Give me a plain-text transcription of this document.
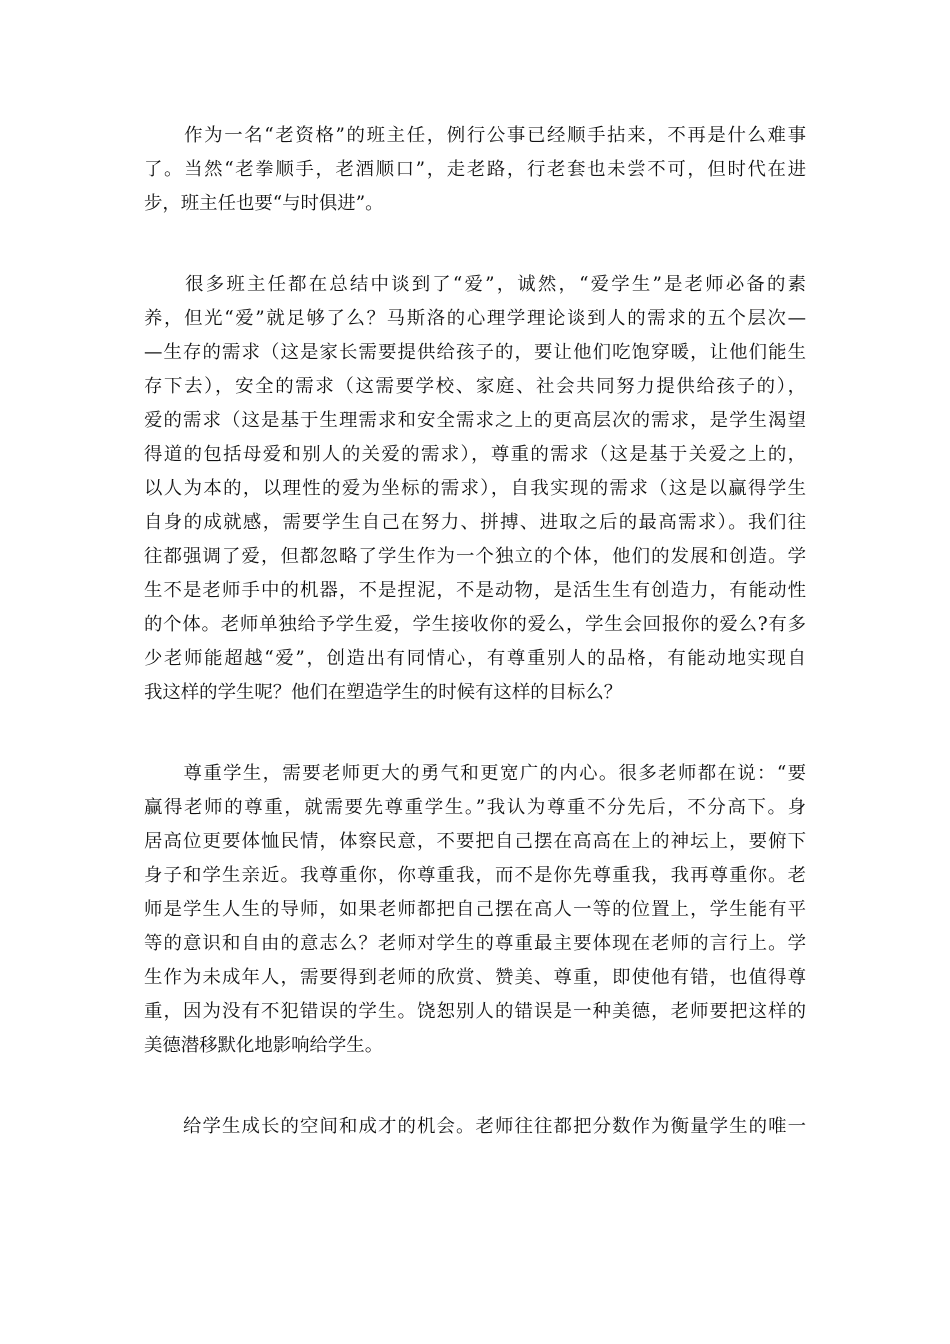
　　作为一名“老资格”的班主任，例行公事已经顺手拈来，不再是什么难事
了。当然“老拳顺手，老酒顺口”，走老路，行老套也未尝不可，但时代在进
步，班主任也要“与时俱进”。
　　很多班主任都在总结中谈到了“爱”，诚然，“爱学生”是老师必备的素
养，但光“爱”就足够了么？马斯洛的心理学理论谈到人的需求的五个层次—
—生存的需求（这是家长需要提供给孩子的，要让他们吃饱穿暖，让他们能生
存下去），安全的需求（这需要学校、家庭、社会共同努力提供给孩子的），
爱的需求（这是基于生理需求和安全需求之上的更高层次的需求，是学生渴望
得道的包括母爱和别人的关爱的需求），尊重的需求（这是基于关爱之上的，
以人为本的，以理性的爱为坐标的需求），自我实现的需求（这是以赢得学生
自身的成就感，需要学生自己在努力、拼搏、进取之后的最高需求）。我们往
往都强调了爱，但都忽略了学生作为一个独立的个体，他们的发展和创造。学
生不是老师手中的机器，不是捏泥，不是动物，是活生生有创造力，有能动性
的个体。老师单独给予学生爱，学生接收你的爱么，学生会回报你的爱么?有多
少老师能超越“爱”，创造出有同情心，有尊重别人的品格，有能动地实现自
我这样的学生呢？他们在塑造学生的时候有这样的目标么？
　　尊重学生，需要老师更大的勇气和更宽广的内心。很多老师都在说：“要
赢得老师的尊重，就需要先尊重学生。”我认为尊重不分先后，不分高下。身
居高位更要体恤民情，体察民意，不要把自己摆在高高在上的神坛上，要俯下
身子和学生亲近。我尊重你，你尊重我，而不是你先尊重我，我再尊重你。老
师是学生人生的导师，如果老师都把自己摆在高人一等的位置上，学生能有平
等的意识和自由的意志么？老师对学生的尊重最主要体现在老师的言行上。学
生作为未成年人，需要得到老师的欣赏、赞美、尊重，即使他有错，也值得尊
重，因为没有不犯错误的学生。饶恕别人的错误是一种美德，老师要把这样的
美德潜移默化地影响给学生。
　　给学生成长的空间和成才的机会。老师往往都把分数作为衡量学生的唯一
